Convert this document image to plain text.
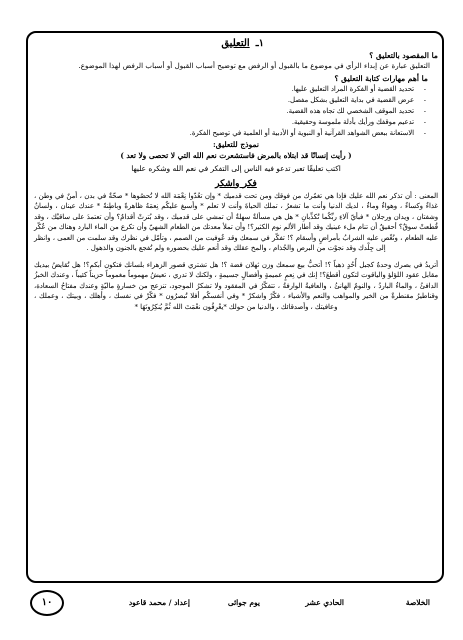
١ـ
التعليق
ما المقصود بالتعليق ؟

التعليق عبارة عن إبداء الرأي في موضوع ما بالقبول أو الرفض مع توضيح أسباب القبول أو أسباب الرفض لهذا الموضوع.

ما أهم مهارات كتابة التعليق ؟
- تحديد القضية أو الفكرة المراد التعليق عليها.
- عرض القضية في بداية التعليق بشكل مفصل.
- تحديد الموقف الشخصي لك تجاه هذه القضية.
- تدعيم موقفك ورأيك بأدلة ملموسة وحقيقية.
- الاستعانة ببعض الشواهد القرآنية أو النبوية أو الأدبية أو العلمية في توضيح الفكرة.
نموذج للتعليق:
( رأيت إنسانًا قد ابتلاه بالمرض فاستشعرت نعم الله التي لا تحصى ولا تعد )
اكتب تعليقًا تعبر تدعو فيه الناس إلى التفكر في نعم الله وشكره عليها
فكر واشكر

المعنى : أن تذكر نعم الله عليك فإذا هي تغمُرك من فوقك ومن تحت قدميك * وإن تعُدّوا نِعْمَة الله لا تُحصُوها * صحّةٌ في بدن ، أمنٌ في وطن ، غذاءٌ وكساءٌ ، وهواءٌ وماءٌ ، لديك الدنيا وأنت ما تشعرُ ، تملك الحياةَ وأنت لا تعلم * وأسبغ عليكُم نِعمَهُ ظاهرةً وباطِنةً * عندك عينان ، ولسانٌ وشفتان ، ويدان ورجلان * فبأيّ آلاءِ ربِّكُما تُكذِّبانِ * هل هي مسألةٌ سهلةٌ أن تمشي على قدميك ، وقد بُترتْ أقدامٌ؟ وأن تعتمدَ على ساقيْك ، وقد قُطعتْ سوقٌ؟ أحقيقٌ أن تنام ملء عينيك وقد أطار الألم نوم الكثير؟! وأن تملأ معدتك من الطعام الشهيّ وأن تكرع من الماء البارد وهناك من عُكّر عليه الطعام ، ونُغّص عليه الشرابُ بأمراضٍ وأسقام ؟! تفكّر في سمعك وقد عُوفيت من الصمم ، وتأمّل في نظرك وقد سلمت من العمى ، وانظر إلى جِلْدك وقد نجوْت من البرص والجُذام ، والمخ عقلك وقد أنعم عليك بحضوره ولم تُفجع بالجنون والذهول .

أتريدُ في بصرك وحدهُ كجبل أُحُدٍ ذهباً ؟! أتحبُّ بيع سمعك وزن ثهلان فضة ؟! هل تشتري قصور الزهراء بلسانك فتكون أبكم؟! هل تُقايضُ بيديك مقابل عقود اللؤلؤ والياقوت لتكون أقطعَ؟! إنك في نِعمٍ عميمةٍ وأفضالٍ جسيمةٍ ، ولكنك لا تدري ، تعيشُ مهموماً مغموماً حزيناً كئيباً ، وعندك الخبزُ الدافئُ ، والماءُ الباردُ ، والنومُ الهانئُ ، والعافيةُ الوارفةُ ، تتفكّرُ في المفقود ولا تشكرُ الموجود، تنزعج من خسارةٍ ماليّةٍ وعندك مفتاحُ السعادة، وقناطيرُ مقنطرةٌ من الخير والمواهب والنعم والأشياء ، فكّرْ واشكرْ * وفي أنفسكُم أفلا تُبصرُون * فكّرْ في نفسك ، وأهلك ، وبيتك ، وعملك ، وعافيتك ، وأصدقائك ، والدنيا من حولك *يعْرِفُون نعْمَتَ الله ثُمَّ يُنكِرُونَهَا *

الخلاصة
الحادي عشر
يوم جوائى
إعداد / محمد قاعود
١٠
